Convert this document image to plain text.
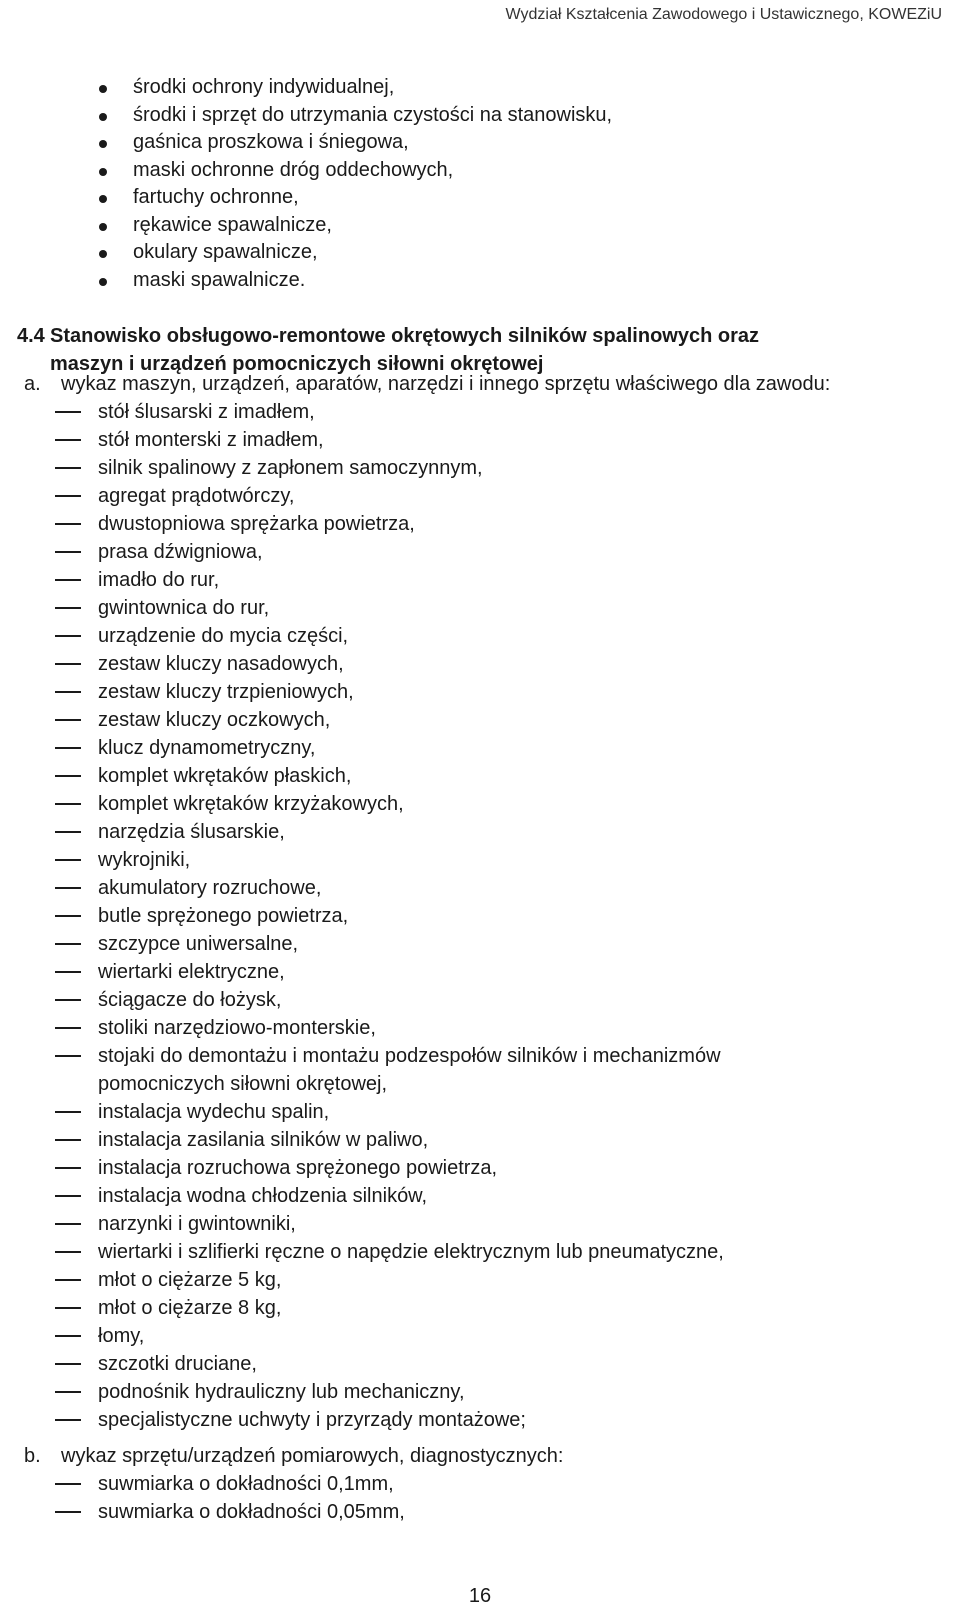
Wydział Kształcenia Zawodowego i Ustawicznego, KOWEZiU
środki ochrony indywidualnej,
środki i sprzęt do utrzymania czystości na stanowisku,
gaśnica proszkowa i śniegowa,
maski ochronne dróg oddechowych,
fartuchy ochronne,
rękawice spawalnicze,
okulary spawalnicze,
maski spawalnicze.
4.4 Stanowisko obsługowo-remontowe okrętowych silników spalinowych oraz
maszyn i urządzeń pomocniczych siłowni okrętowej
a. wykaz maszyn, urządzeń, aparatów, narzędzi i innego sprzętu właściwego dla zawodu:
stół ślusarski z imadłem,
stół monterski z imadłem,
silnik spalinowy z zapłonem samoczynnym,
agregat prądotwórczy,
dwustopniowa sprężarka powietrza,
prasa dźwigniowa,
imadło do rur,
gwintownica do rur,
urządzenie do mycia części,
zestaw kluczy nasadowych,
zestaw kluczy trzpieniowych,
zestaw kluczy oczkowych,
klucz dynamometryczny,
komplet wkrętaków płaskich,
komplet wkrętaków krzyżakowych,
narzędzia ślusarskie,
wykrojniki,
akumulatory rozruchowe,
butle sprężonego powietrza,
szczypce uniwersalne,
wiertarki elektryczne,
ściągacze do łożysk,
stoliki narzędziowo-monterskie,
stojaki do demontażu i montażu podzespołów silników i mechanizmów
pomocniczych siłowni okrętowej,
instalacja wydechu spalin,
instalacja zasilania silników w paliwo,
instalacja rozruchowa sprężonego powietrza,
instalacja wodna chłodzenia silników,
narzynki i gwintowniki,
wiertarki i szlifierki ręczne o napędzie elektrycznym lub pneumatyczne,
młot o ciężarze 5 kg,
młot o ciężarze 8 kg,
łomy,
szczotki druciane,
podnośnik hydrauliczny lub mechaniczny,
specjalistyczne uchwyty i przyrządy montażowe;
b. wykaz sprzętu/urządzeń pomiarowych, diagnostycznych:
suwmiarka o dokładności 0,1mm,
suwmiarka o dokładności 0,05mm,
16
